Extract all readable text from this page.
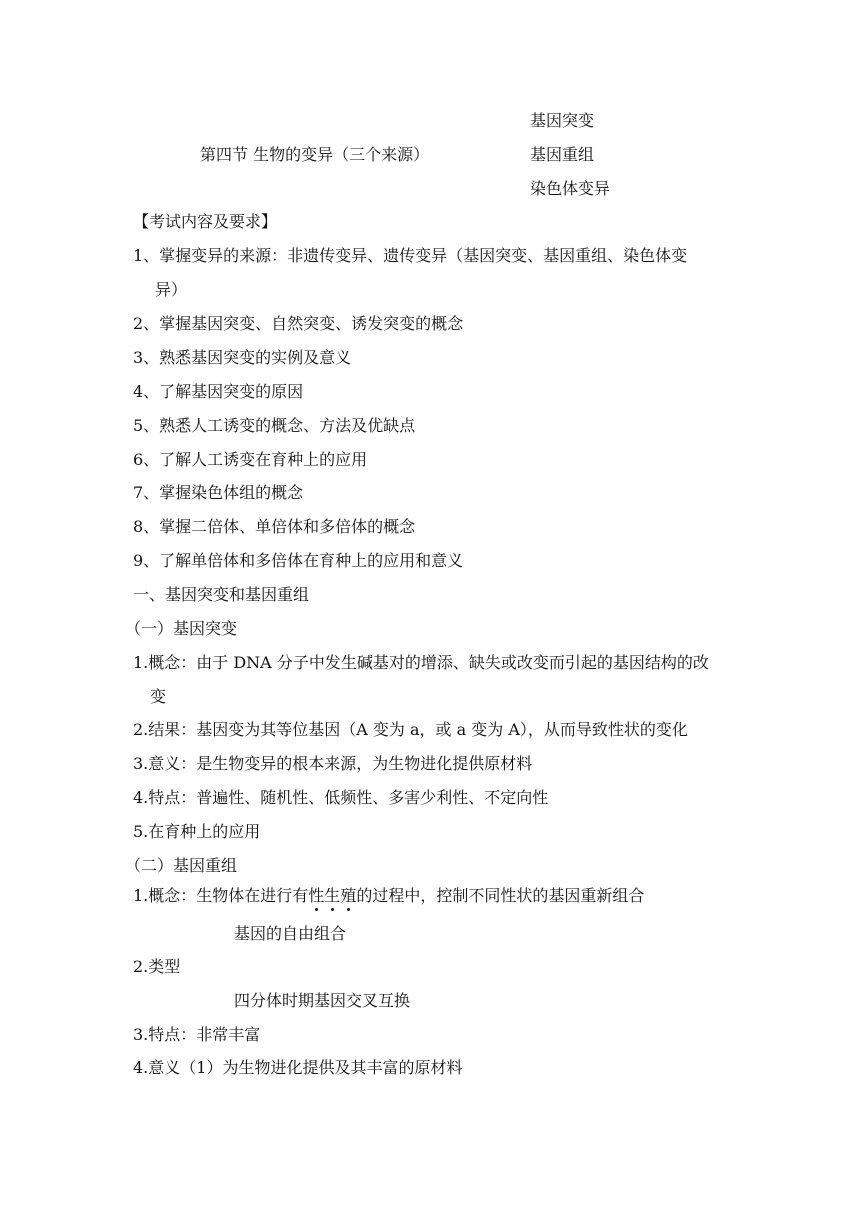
基因突变
第四节 生物的变异（三个来源）	基因重组
染色体变异
【考试内容及要求】
1、掌握变异的来源：非遗传变异、遗传变异（基因突变、基因重组、染色体变
异）
2、掌握基因突变、自然突变、诱发突变的概念
3、熟悉基因突变的实例及意义
4、了解基因突变的原因
5、熟悉人工诱变的概念、方法及优缺点
6、了解人工诱变在育种上的应用
7、掌握染色体组的概念
8、掌握二倍体、单倍体和多倍体的概念
9、了解单倍体和多倍体在育种上的应用和意义
一、基因突变和基因重组
（一）基因突变
1.概念：由于 DNA 分子中发生碱基对的增添、缺失或改变而引起的基因结构的改
变
2.结果：基因变为其等位基因（A 变为 a，或 a 变为 A），从而导致性状的变化
3.意义：是生物变异的根本来源，为生物进化提供原材料
4.特点：普遍性、随机性、低频性、多害少利性、不定向性
5.在育种上的应用
（二）基因重组
1.概念：生物体在进行有性生殖的过程中，控制不同性状的基因重新组合
基因的自由组合
2.类型
四分体时期基因交叉互换
3.特点：非常丰富
4.意义（1）为生物进化提供及其丰富的原材料
